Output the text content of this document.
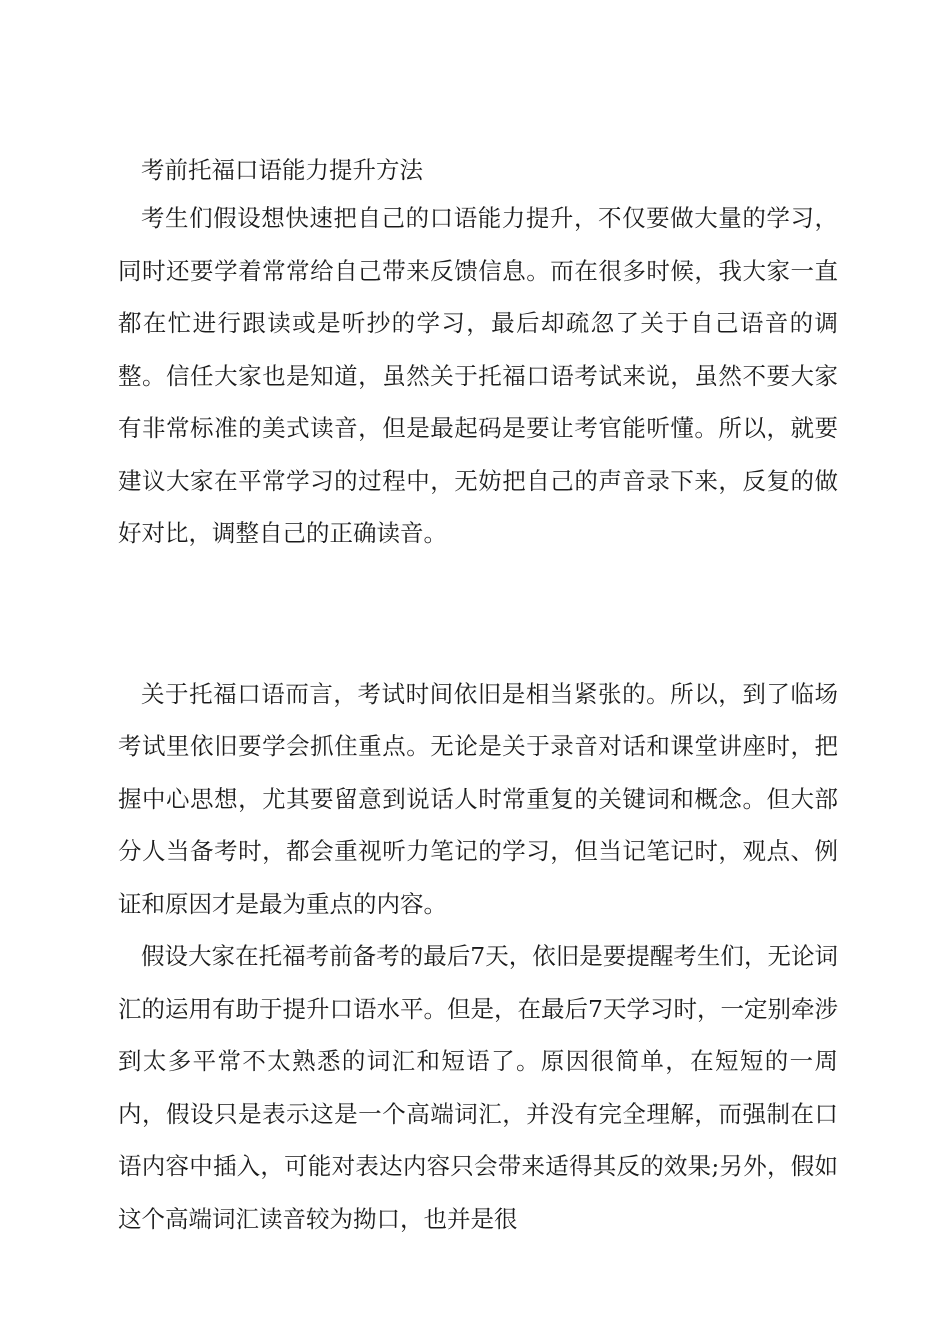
考前托福口语能力提升方法

考生们假设想快速把自己的口语能力提升，不仅要做大量的学习，同时还要学着常常给自己带来反馈信息。而在很多时候，我大家一直都在忙进行跟读或是听抄的学习，最后却疏忽了关于自己语音的调整。信任大家也是知道，虽然关于托福口语考试来说，虽然不要大家有非常标准的美式读音，但是最起码是要让考官能听懂。所以，就要建议大家在平常学习的过程中，无妨把自己的声音录下来，反复的做好对比，调整自己的正确读音。

关于托福口语而言，考试时间依旧是相当紧张的。所以，到了临场考试里依旧要学会抓住重点。无论是关于录音对话和课堂讲座时，把握中心思想，尤其要留意到说话人时常重复的关键词和概念。但大部分人当备考时，都会重视听力笔记的学习，但当记笔记时，观点、例证和原因才是最为重点的内容。

假设大家在托福考前备考的最后7天，依旧是要提醒考生们，无论词汇的运用有助于提升口语水平。但是，在最后7天学习时，一定别牵涉到太多平常不太熟悉的词汇和短语了。原因很简单，在短短的一周内，假设只是表示这是一个高端词汇，并没有完全理解，而强制在口语内容中插入，可能对表达内容只会带来适得其反的效果;另外，假如这个高端词汇读音较为拗口，也并是很
